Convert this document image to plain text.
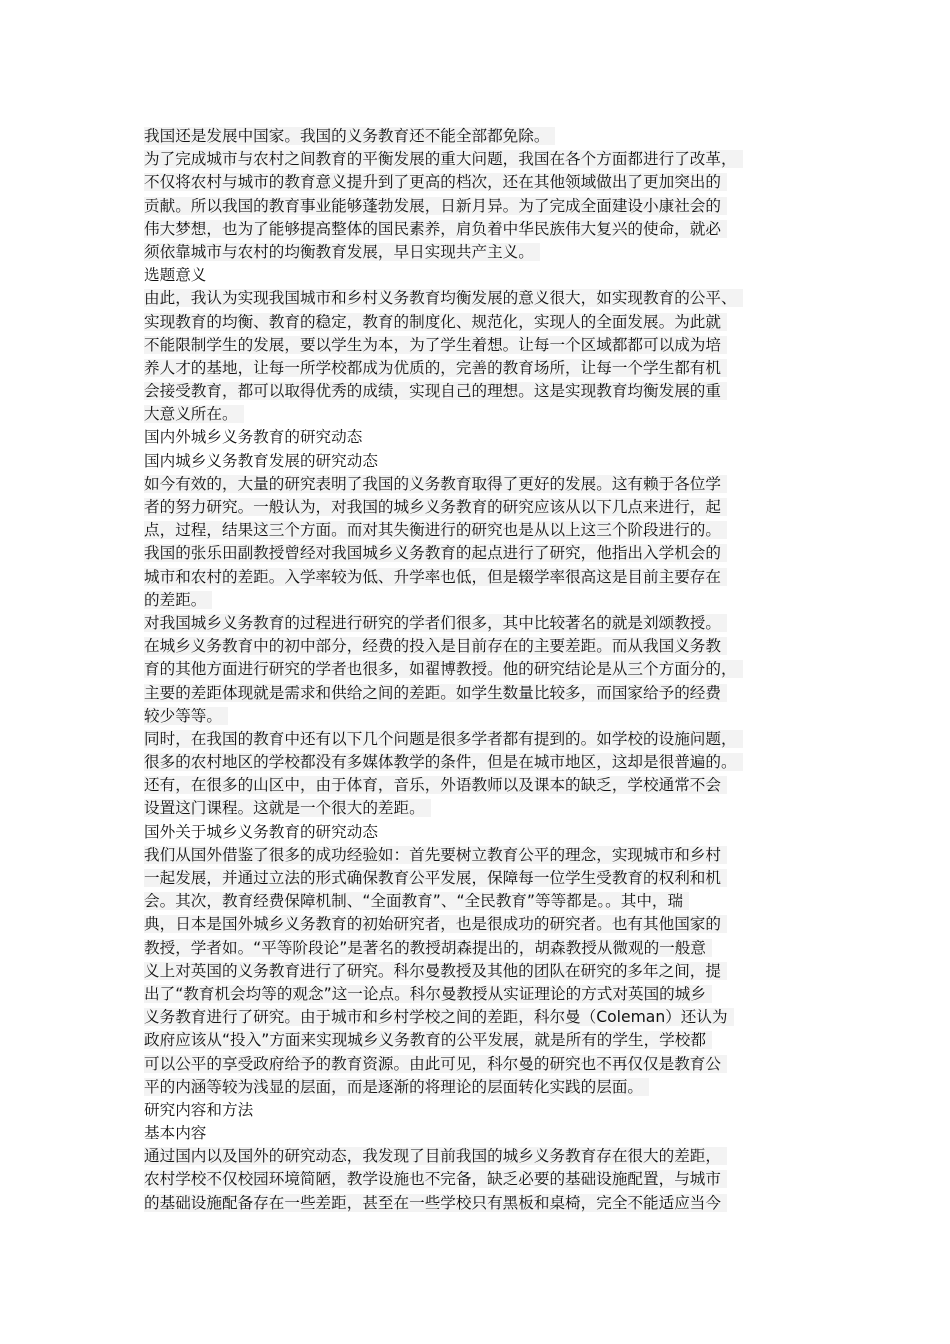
我国还是发展中国家。我国的义务教育还不能全部都免除。
为了完成城市与农村之间教育的平衡发展的重大问题，我国在各个方面都进行了改革，
不仅将农村与城市的教育意义提升到了更高的档次，还在其他领域做出了更加突出的
贡献。所以我国的教育事业能够蓬勃发展，日新月异。为了完成全面建设小康社会的
伟大梦想，也为了能够提高整体的国民素养，肩负着中华民族伟大复兴的使命，就必
须依靠城市与农村的均衡教育发展，早日实现共产主义。
选题意义
由此，我认为实现我国城市和乡村义务教育均衡发展的意义很大，如实现教育的公平、
实现教育的均衡、教育的稳定，教育的制度化、规范化，实现人的全面发展。为此就
不能限制学生的发展，要以学生为本，为了学生着想。让每一个区域都都可以成为培
养人才的基地，让每一所学校都成为优质的，完善的教育场所，让每一个学生都有机
会接受教育，都可以取得优秀的成绩，实现自己的理想。这是实现教育均衡发展的重
大意义所在。
国内外城乡义务教育的研究动态
国内城乡义务教育发展的研究动态
如今有效的，大量的研究表明了我国的义务教育取得了更好的发展。这有赖于各位学
者的努力研究。一般认为，对我国的城乡义务教育的研究应该从以下几点来进行，起
点，过程，结果这三个方面。而对其失衡进行的研究也是从以上这三个阶段进行的。
我国的张乐田副教授曾经对我国城乡义务教育的起点进行了研究，他指出入学机会的
城市和农村的差距。入学率较为低、升学率也低，但是辍学率很高这是目前主要存在
的差距。
对我国城乡义务教育的过程进行研究的学者们很多，其中比较著名的就是刘颂教授。
在城乡义务教育中的初中部分，经费的投入是目前存在的主要差距。而从我国义务教
育的其他方面进行研究的学者也很多，如翟博教授。他的研究结论是从三个方面分的，
主要的差距体现就是需求和供给之间的差距。如学生数量比较多，而国家给予的经费
较少等等。
同时，在我国的教育中还有以下几个问题是很多学者都有提到的。如学校的设施问题，
很多的农村地区的学校都没有多媒体教学的条件，但是在城市地区，这却是很普遍的。
还有，在很多的山区中，由于体育，音乐，外语教师以及课本的缺乏，学校通常不会
设置这门课程。这就是一个很大的差距。
国外关于城乡义务教育的研究动态
我们从国外借鉴了很多的成功经验如：首先要树立教育公平的理念，实现城市和乡村
一起发展，并通过立法的形式确保教育公平发展，保障每一位学生受教育的权利和机
会。其次，教育经费保障机制、“全面教育”、“全民教育”等等都是。。其中，瑞
典，日本是国外城乡义务教育的初始研究者，也是很成功的研究者。也有其他国家的
教授，学者如。“平等阶段论”是著名的教授胡森提出的，胡森教授从微观的一般意
义上对英国的义务教育进行了研究。科尔曼教授及其他的团队在研究的多年之间，提
出了“教育机会均等的观念”这一论点。科尔曼教授从实证理论的方式对英国的城乡
义务教育进行了研究。由于城市和乡村学校之间的差距，科尔曼（Coleman）还认为
政府应该从“投入”方面来实现城乡义务教育的公平发展，就是所有的学生，学校都
可以公平的享受政府给予的教育资源。由此可见，科尔曼的研究也不再仅仅是教育公
平的内涵等较为浅显的层面，而是逐渐的将理论的层面转化实践的层面。
研究内容和方法
基本内容
通过国内以及国外的研究动态，我发现了目前我国的城乡义务教育存在很大的差距，
农村学校不仅校园环境简陋，教学设施也不完备，缺乏必要的基础设施配置，与城市
的基础设施配备存在一些差距，甚至在一些学校只有黑板和桌椅，完全不能适应当今
